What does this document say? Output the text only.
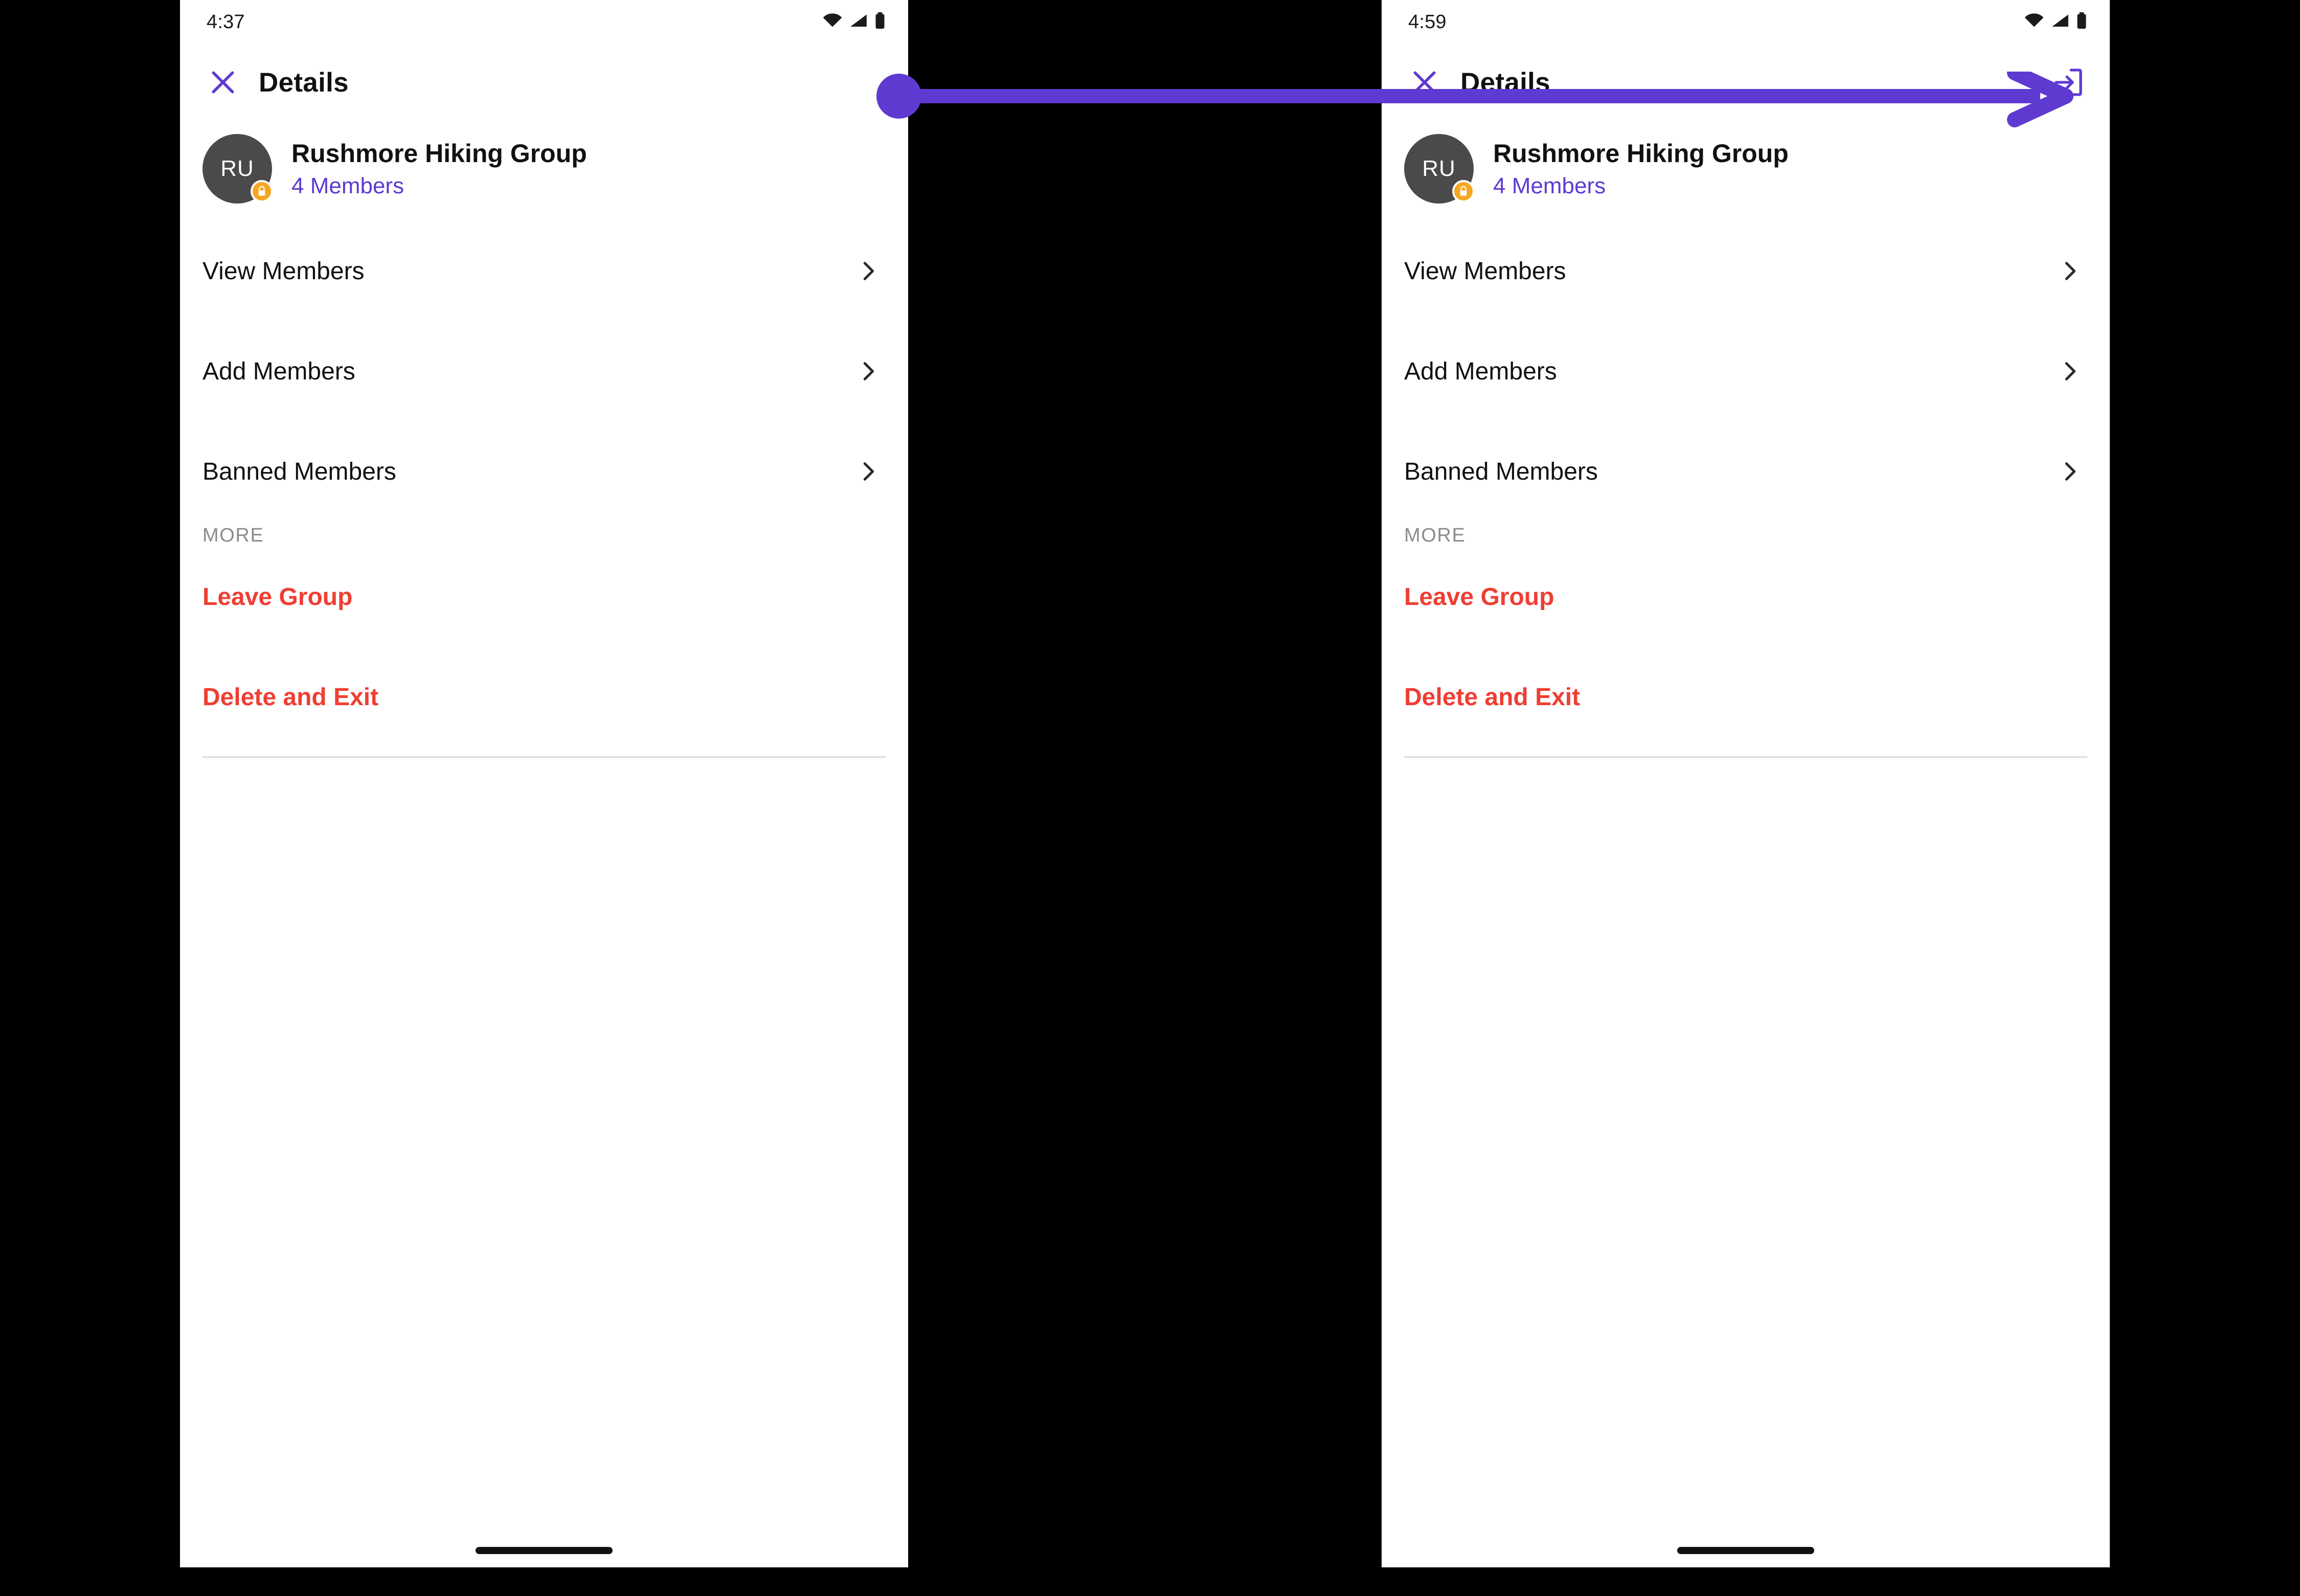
4:37
Details
RU
Rushmore Hiking Group
4 Members
View Members
Add Members
Banned Members
MORE
Leave Group
Delete and Exit
4:59
Details
RU
Rushmore Hiking Group
4 Members
View Members
Add Members
Banned Members
MORE
Leave Group
Delete and Exit
